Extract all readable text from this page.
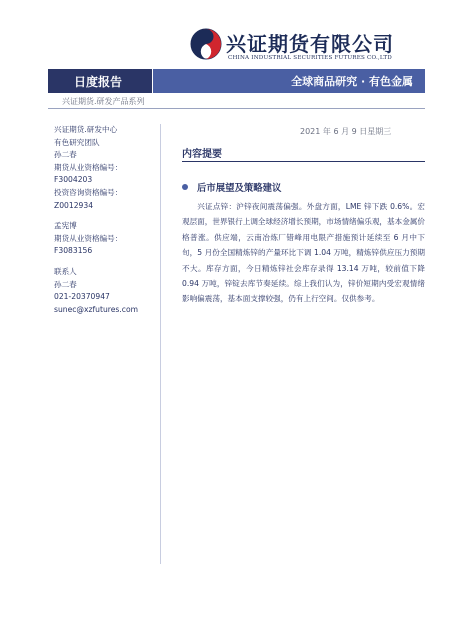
兴证期货有限公司
CHINA INDUSTRIAL SECURITIES FUTURES CO.,LTD
日度报告	全球商品研究 · 有色金属
兴证期货.研发产品系列
兴证期货.研发中心
有色研究团队
孙二春
期货从业资格编号：
F3004203
投资咨询资格编号：
Z0012934
孟宪博
期货从业资格编号：
F3083156
联系人
孙二春
021-20370947
sunec@xzfutures.com
2021 年 6 月 9 日星期三
内容提要
后市展望及策略建议

兴证点锌：沪锌夜间震荡偏强。外盘方面，LME 锌下跌 0.6%。宏观层面，世界银行上调全球经济增长预期，市场情绪偏乐观，基本金属价格普涨。供应端，云南冶炼厂错峰用电限产措施预计延续至 6 月中下旬，5 月份全国精炼锌的产量环比下调 1.04 万吨，精炼锌供应压力预期不大。库存方面，今日精炼锌社会库存录得 13.14 万吨，较前值下降 0.94 万吨，锌锭去库节奏延续。综上我们认为，锌价短期内受宏观情绪影响偏震荡，基本面支撑较强，仍有上行空间。仅供参考。
